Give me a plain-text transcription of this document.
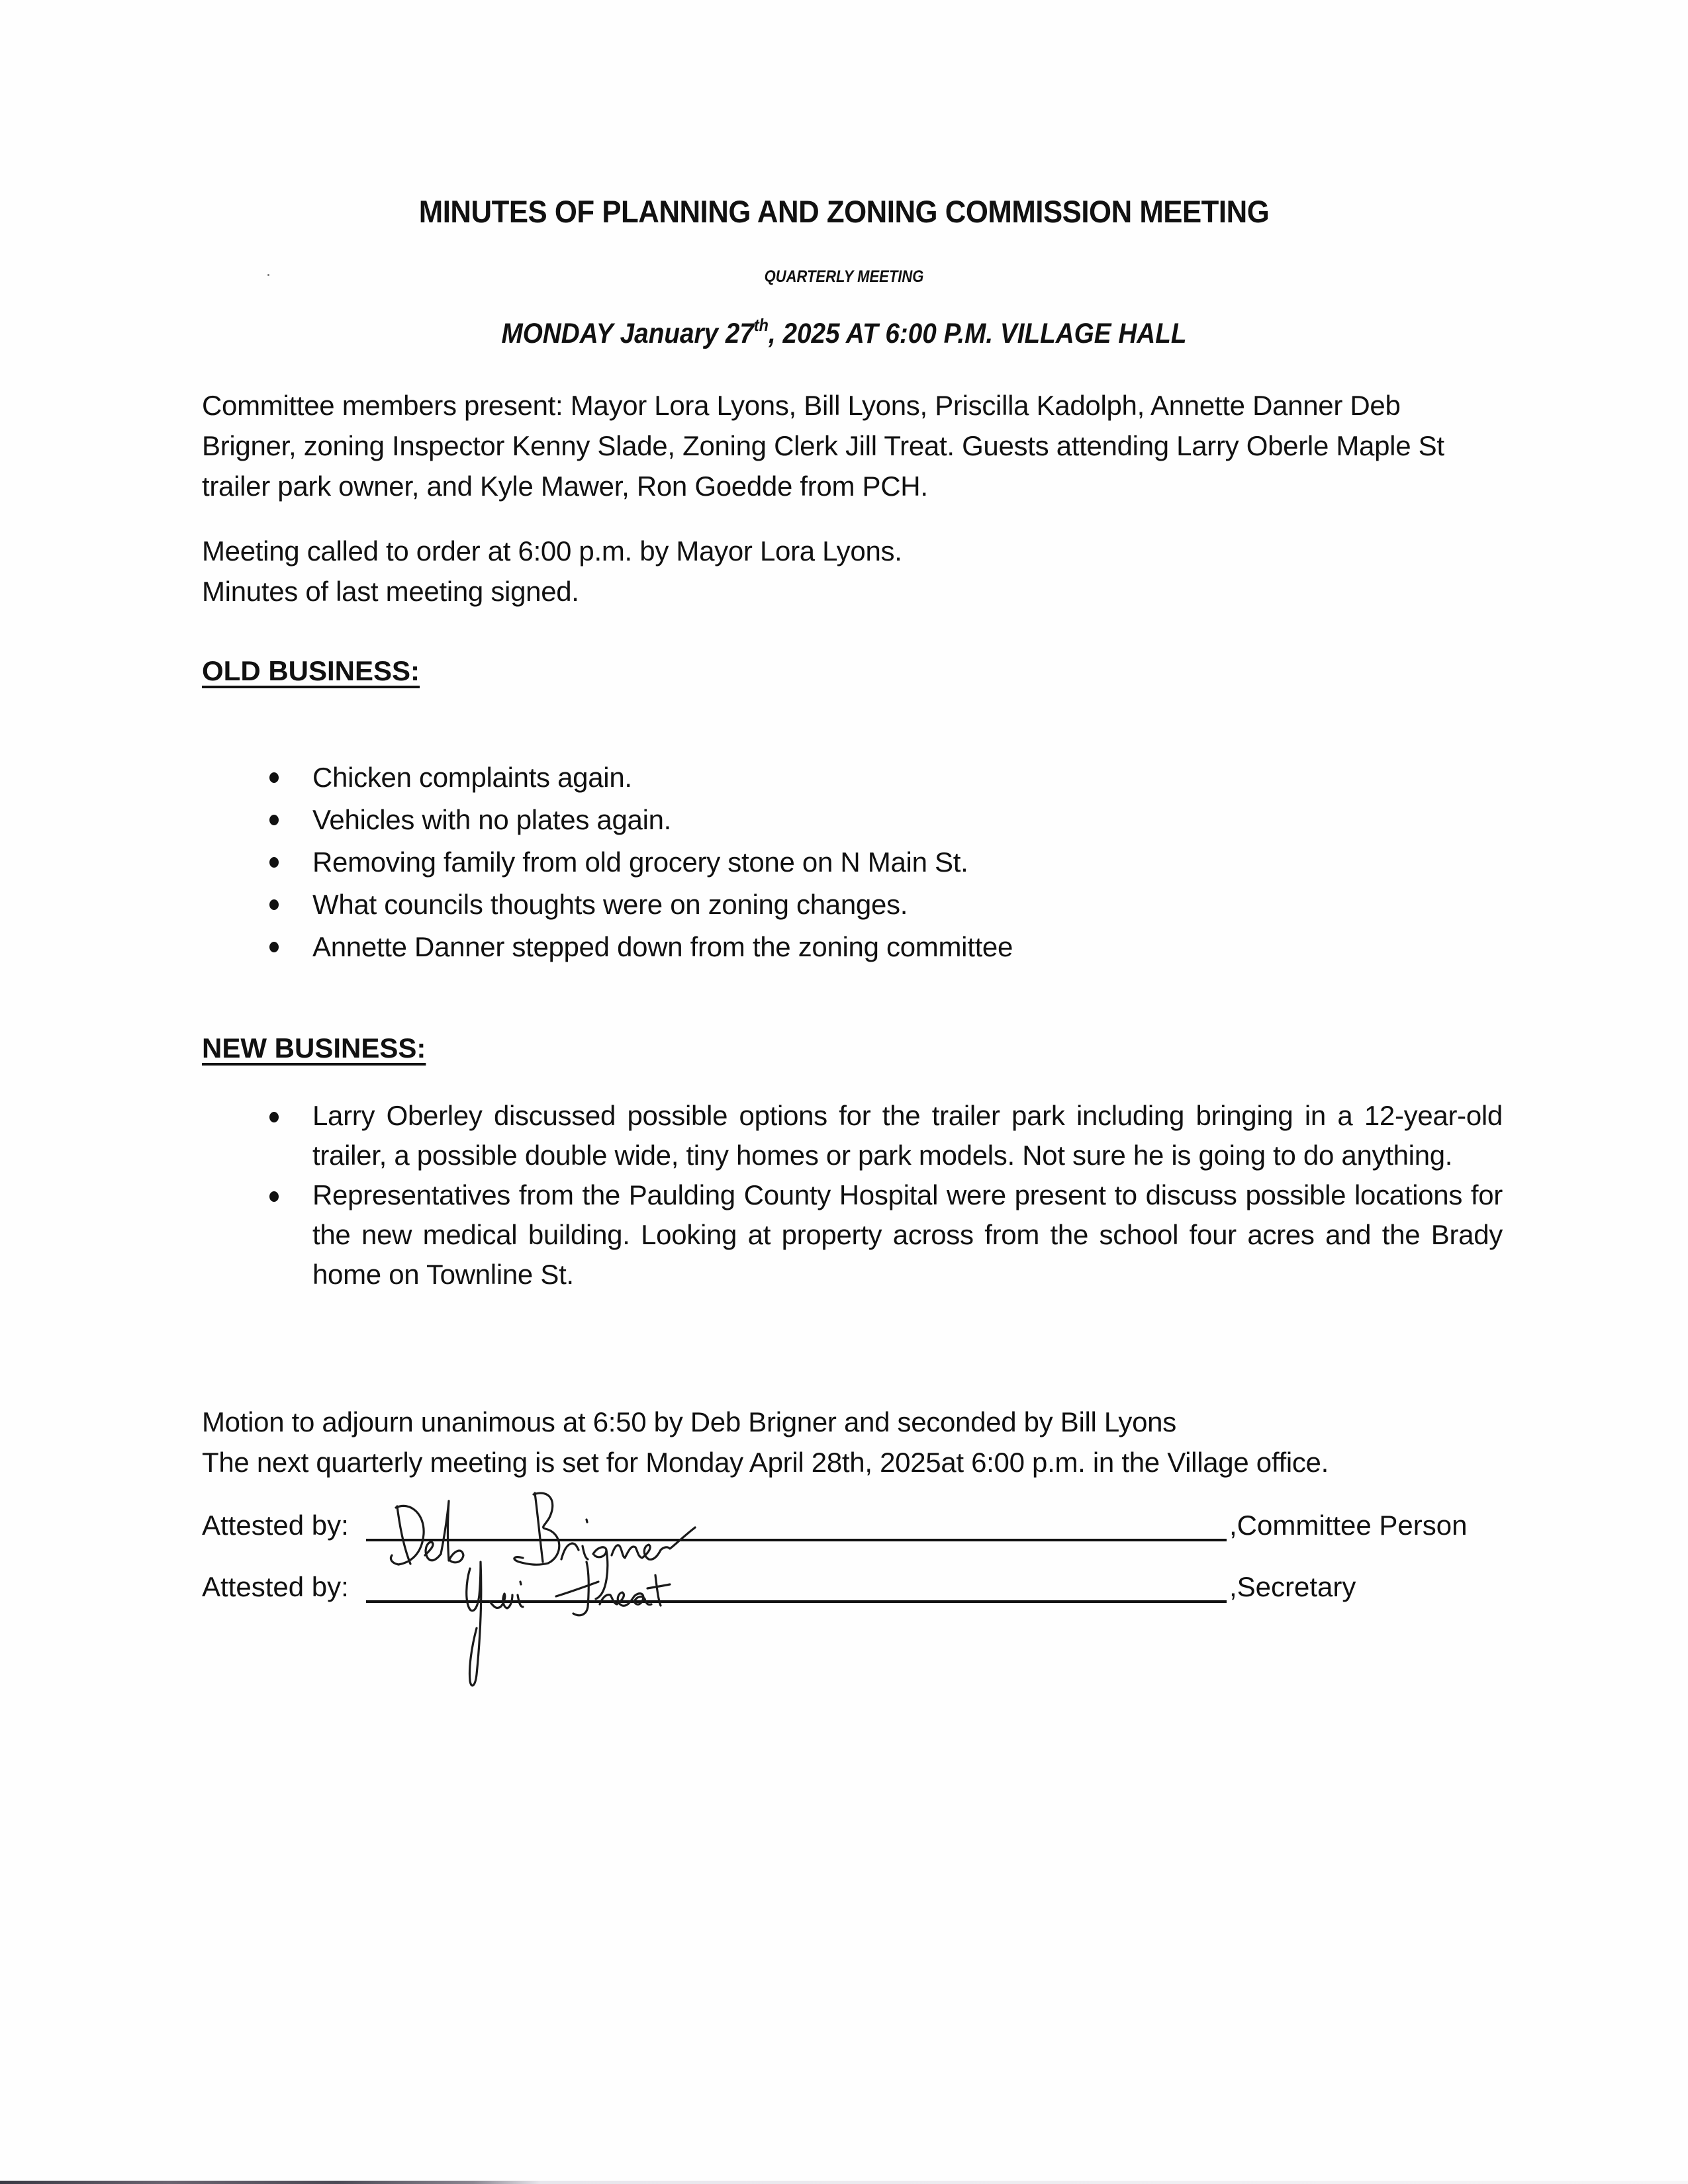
MINUTES OF PLANNING AND ZONING COMMISSION MEETING
QUARTERLY MEETING
MONDAY January 27th, 2025 AT 6:00 P.M. VILLAGE HALL

Committee members present: Mayor Lora Lyons, Bill Lyons, Priscilla Kadolph, Annette Danner Deb Brigner, zoning Inspector Kenny Slade, Zoning Clerk Jill Treat. Guests attending Larry Oberle Maple St trailer park owner, and Kyle Mawer, Ron Goedde from PCH.

Meeting called to order at 6:00 p.m. by Mayor Lora Lyons.
Minutes of last meeting signed.
OLD BUSINESS:
Chicken complaints again.
Vehicles with no plates again.
Removing family from old grocery stone on N Main St.
What councils thoughts were on zoning changes.
Annette Danner stepped down from the zoning committee
NEW BUSINESS:
Larry Oberley discussed possible options for the trailer park including bringing in a 12-year-old trailer, a possible double wide, tiny homes or park models. Not sure he is going to do anything.
Representatives from the Paulding County Hospital were present to discuss possible locations for the new medical building. Looking at property across from the school four acres and the Brady home on Townline St.
Motion to adjourn unanimous at 6:50 by Deb Brigner and seconded by Bill Lyons
The next quarterly meeting is set for Monday April 28th, 2025at 6:00 p.m. in the Village office.
Attested by:	,Committee Person
Attested by:	,Secretary
